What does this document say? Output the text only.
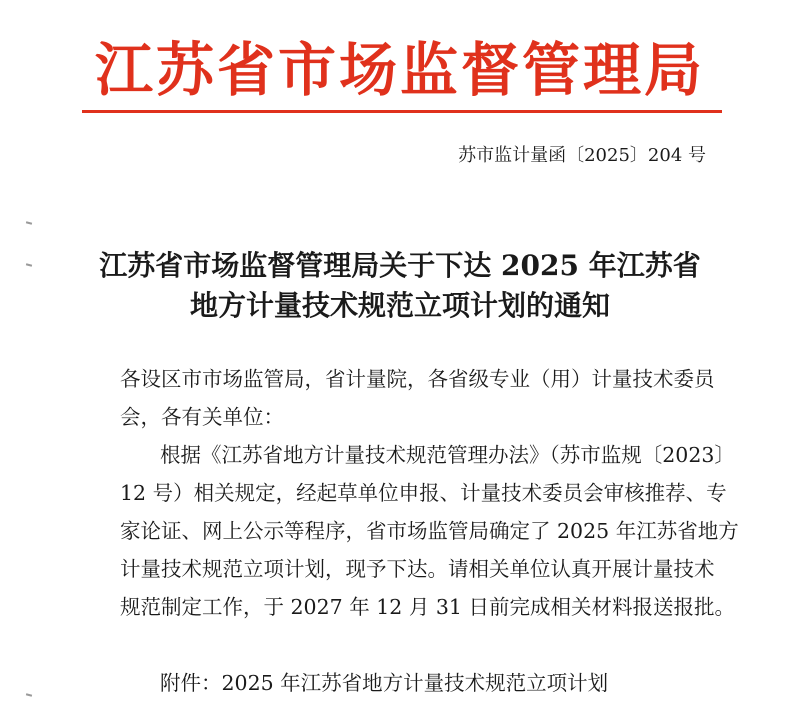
江苏省市场监督管理局
苏市监计量函〔2025〕204 号
江苏省市场监督管理局关于下达 2025 年江苏省
地方计量技术规范立项计划的通知
各设区市市场监管局，省计量院，各省级专业（用）计量技术委员
会，各有关单位：
根据《江苏省地方计量技术规范管理办法》（苏市监规〔2023〕
12 号）相关规定，经起草单位申报、计量技术委员会审核推荐、专
家论证、网上公示等程序，省市场监管局确定了 2025 年江苏省地方
计量技术规范立项计划，现予下达。请相关单位认真开展计量技术
规范制定工作，于 2027 年 12 月 31 日前完成相关材料报送报批。
附件：2025 年江苏省地方计量技术规范立项计划
